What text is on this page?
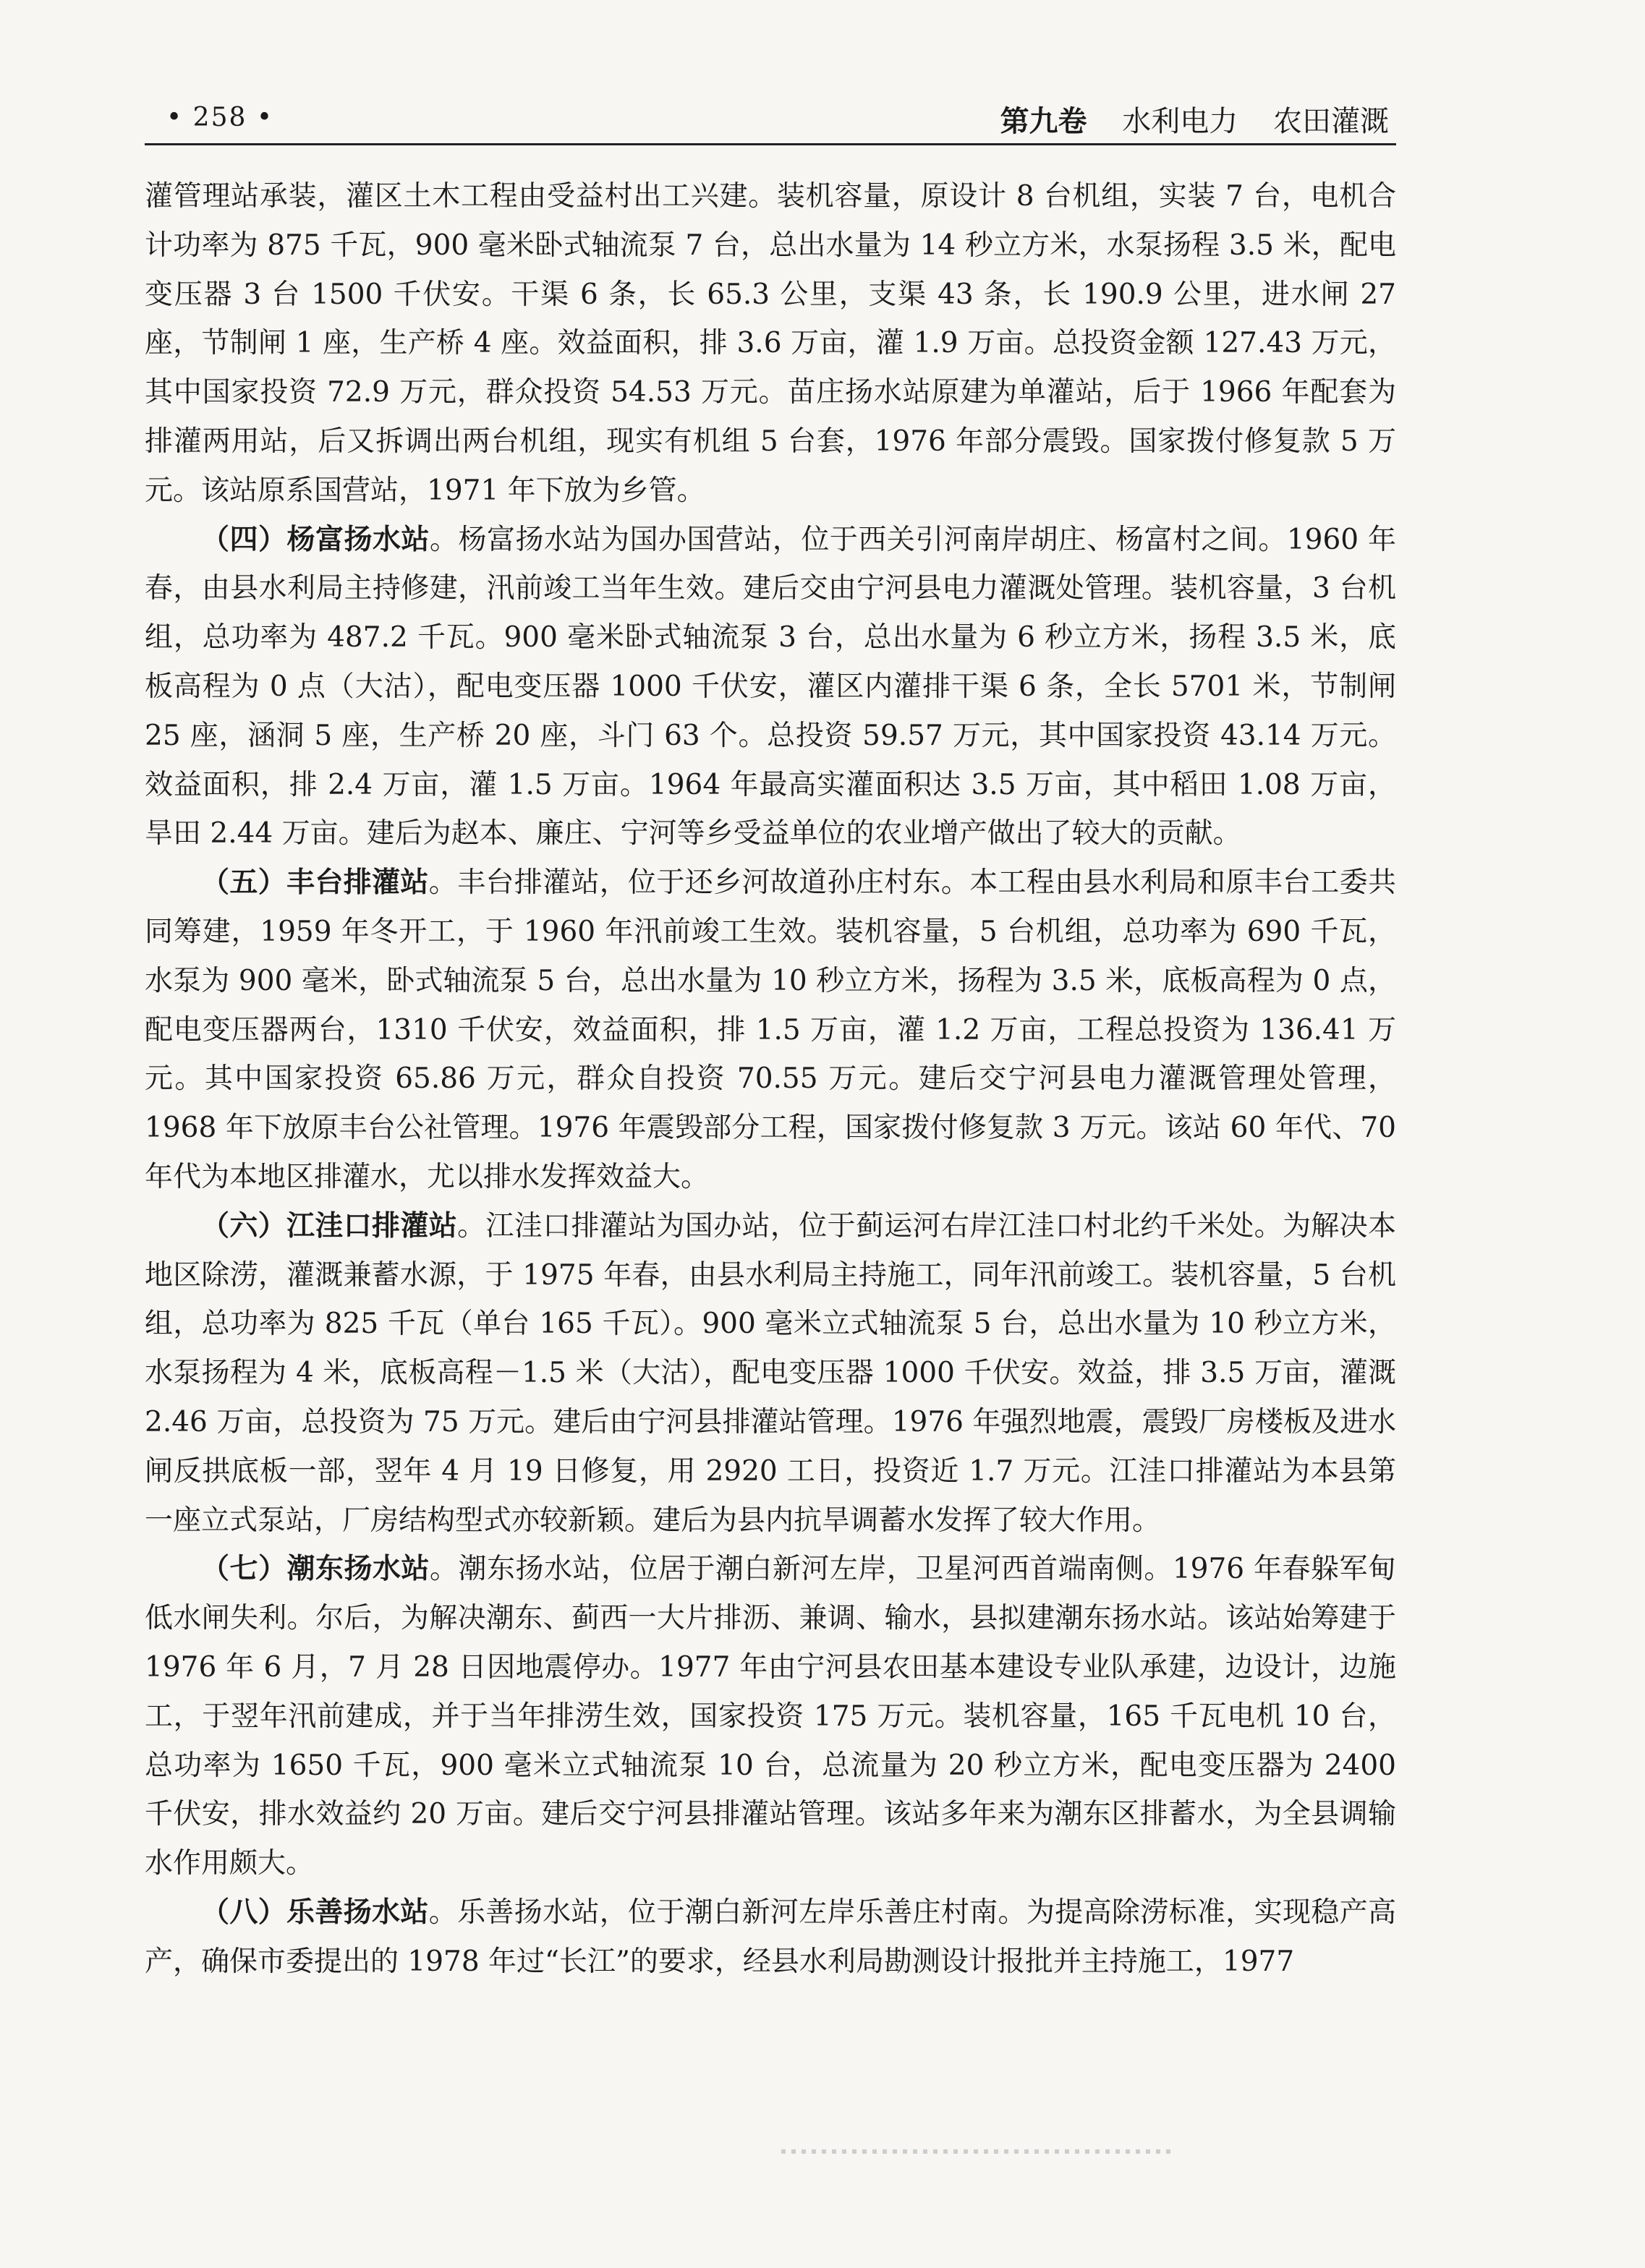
• 258 •	第九卷 水利电力 农田灌溉

灌管理站承装，灌区土木工程由受益村出工兴建。装机容量，原设计 8 台机组，实装 7 台，电机合计功率为 875 千瓦，900 毫米卧式轴流泵 7 台，总出水量为 14 秒立方米，水泵扬程 3.5 米，配电变压器 3 台 1500 千伏安。干渠 6 条，长 65.3 公里，支渠 43 条，长 190.9 公里，进水闸 27 座，节制闸 1 座，生产桥 4 座。效益面积，排 3.6 万亩，灌 1.9 万亩。总投资金额 127.43 万元，其中国家投资 72.9 万元，群众投资 54.53 万元。苗庄扬水站原建为单灌站，后于 1966 年配套为排灌两用站，后又拆调出两台机组，现实有机组 5 台套，1976 年部分震毁。国家拨付修复款 5 万元。该站原系国营站，1971 年下放为乡管。

（四）杨富扬水站。杨富扬水站为国办国营站，位于西关引河南岸胡庄、杨富村之间。1960 年春，由县水利局主持修建，汛前竣工当年生效。建后交由宁河县电力灌溉处管理。装机容量，3 台机组，总功率为 487.2 千瓦。900 毫米卧式轴流泵 3 台，总出水量为 6 秒立方米，扬程 3.5 米，底板高程为 0 点（大沽），配电变压器 1000 千伏安，灌区内灌排干渠 6 条，全长 5701 米，节制闸 25 座，涵洞 5 座，生产桥 20 座，斗门 63 个。总投资 59.57 万元，其中国家投资 43.14 万元。效益面积，排 2.4 万亩，灌 1.5 万亩。1964 年最高实灌面积达 3.5 万亩，其中稻田 1.08 万亩，旱田 2.44 万亩。建后为赵本、廉庄、宁河等乡受益单位的农业增产做出了较大的贡献。

（五）丰台排灌站。丰台排灌站，位于还乡河故道孙庄村东。本工程由县水利局和原丰台工委共同筹建，1959 年冬开工，于 1960 年汛前竣工生效。装机容量，5 台机组，总功率为 690 千瓦，水泵为 900 毫米，卧式轴流泵 5 台，总出水量为 10 秒立方米，扬程为 3.5 米，底板高程为 0 点，配电变压器两台，1310 千伏安，效益面积，排 1.5 万亩，灌 1.2 万亩，工程总投资为 136.41 万元。其中国家投资 65.86 万元，群众自投资 70.55 万元。建后交宁河县电力灌溉管理处管理，1968 年下放原丰台公社管理。1976 年震毁部分工程，国家拨付修复款 3 万元。该站 60 年代、70 年代为本地区排灌水，尤以排水发挥效益大。

（六）江洼口排灌站。江洼口排灌站为国办站，位于蓟运河右岸江洼口村北约千米处。为解决本地区除涝，灌溉兼蓄水源，于 1975 年春，由县水利局主持施工，同年汛前竣工。装机容量，5 台机组，总功率为 825 千瓦（单台 165 千瓦）。900 毫米立式轴流泵 5 台，总出水量为 10 秒立方米，水泵扬程为 4 米，底板高程－1.5 米（大沽），配电变压器 1000 千伏安。效益，排 3.5 万亩，灌溉 2.46 万亩，总投资为 75 万元。建后由宁河县排灌站管理。1976 年强烈地震，震毁厂房楼板及进水闸反拱底板一部，翌年 4 月 19 日修复，用 2920 工日，投资近 1.7 万元。江洼口排灌站为本县第一座立式泵站，厂房结构型式亦较新颖。建后为县内抗旱调蓄水发挥了较大作用。

（七）潮东扬水站。潮东扬水站，位居于潮白新河左岸，卫星河西首端南侧。1976 年春躲军甸低水闸失利。尔后，为解决潮东、蓟西一大片排沥、兼调、输水，县拟建潮东扬水站。该站始筹建于 1976 年 6 月，7 月 28 日因地震停办。1977 年由宁河县农田基本建设专业队承建，边设计，边施工，于翌年汛前建成，并于当年排涝生效，国家投资 175 万元。装机容量，165 千瓦电机 10 台，总功率为 1650 千瓦，900 毫米立式轴流泵 10 台，总流量为 20 秒立方米，配电变压器为 2400 千伏安，排水效益约 20 万亩。建后交宁河县排灌站管理。该站多年来为潮东区排蓄水，为全县调输水作用颇大。

（八）乐善扬水站。乐善扬水站，位于潮白新河左岸乐善庄村南。为提高除涝标准，实现稳产高产，确保市委提出的 1978 年过“长江”的要求，经县水利局勘测设计报批并主持施工，1977
